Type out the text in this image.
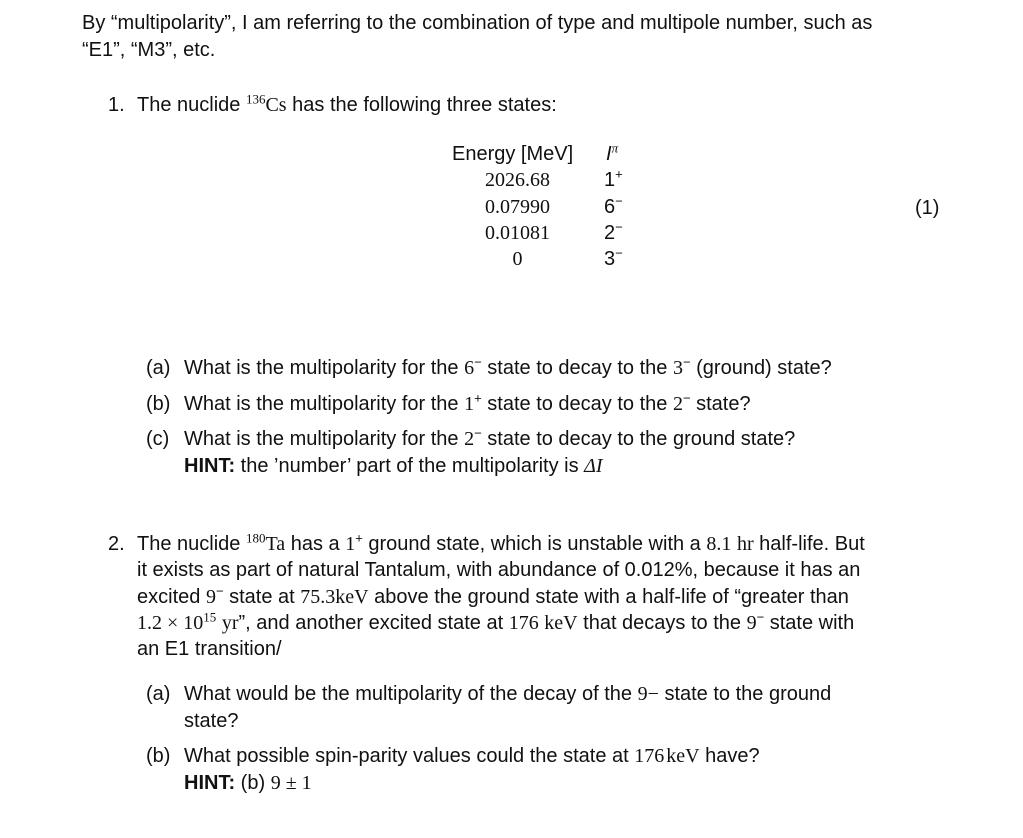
By “multipolarity”, I am referring to the combination of type and multipole number, such as
“E1”, “M3”, etc.
1. The nuclide $^{136}$Cs has the following three states:
Energy [MeV] $I^\pi$
2026.68	1+
0.07990	6−
0.01081	2−
0	3−
(1)
(a) What is the multipolarity for the 6− state to decay to the 3− (ground) state?
(b) What is the multipolarity for the 1+ state to decay to the 2− state?
(c) What is the multipolarity for the 2− state to decay to the ground state?
HINT: the ’number’ part of the multipolarity is ΔI
2. The nuclide $^{180}$Ta has a 1+ ground state, which is unstable with a 8.1 hr half-life. But
it exists as part of natural Tantalum, with abundance of 0.012%, because it has an
excited 9− state at 75.3keV above the ground state with a half-life of “greater than
$1.2 \times 10^{15}$ yr”, and another excited state at 176 keV that decays to the 9− state with
an E1 transition/
(a) What would be the multipolarity of the decay of the 9− state to the ground
state?
(b) What possible spin-parity values could the state at 176 keV have?
HINT: (b) 9 ± 1
